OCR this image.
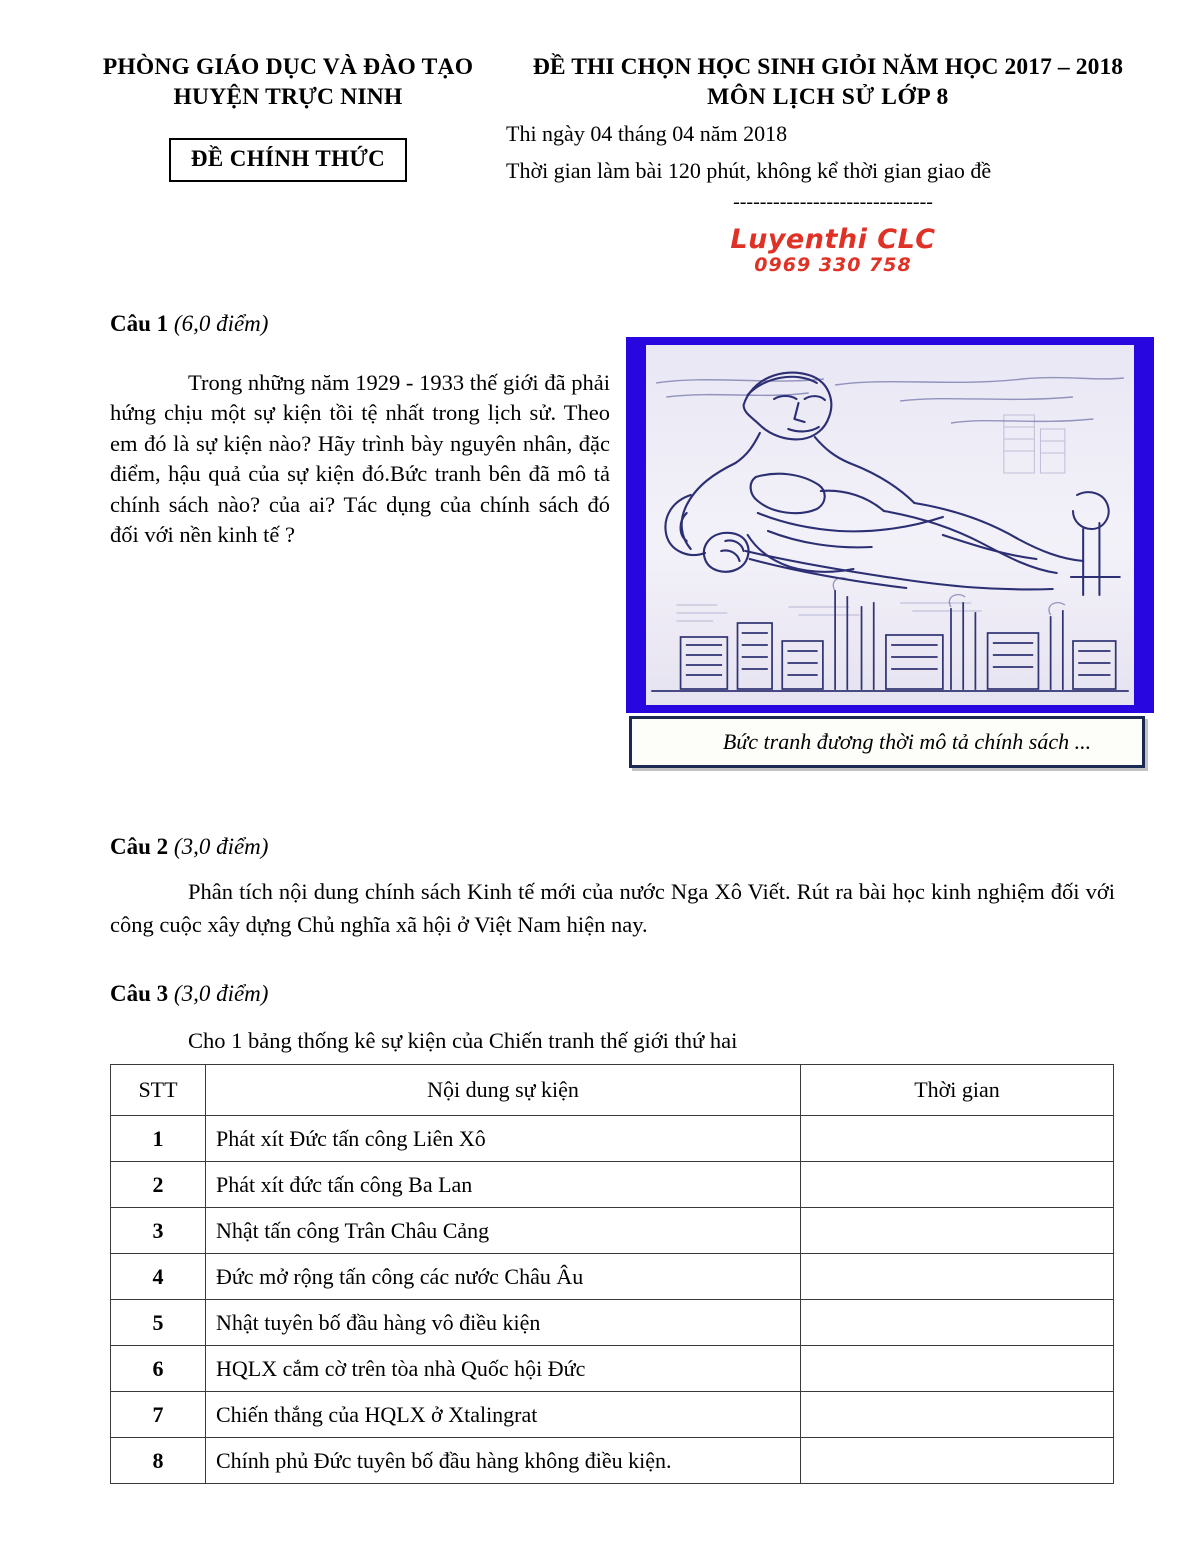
PHÒNG GIÁO DỤC VÀ ĐÀO TẠO
HUYỆN TRỰC NINH
ĐỀ CHÍNH THỨC
ĐỀ THI CHỌN HỌC SINH GIỎI NĂM HỌC 2017 – 2018
MÔN LỊCH SỬ LỚP 8
Thi ngày 04 tháng 04 năm 2018
Thời gian làm bài 120 phút, không kể thời gian giao đề
------------------------------
Luyenthi CLC
0969 330 758
Câu 1 (6,0 điểm)
Trong những năm 1929 - 1933 thế giới đã phải hứng chịu một sự kiện tồi tệ nhất trong lịch sử. Theo em đó là sự kiện nào? Hãy trình bày nguyên nhân, đặc điểm, hậu quả của sự kiện đó.Bức tranh bên đã mô tả chính sách nào? của ai? Tác dụng của chính sách đó đối với nền kinh tế ?
Bức tranh đương thời mô tả chính sách ...
Câu 2 (3,0 điểm)
Phân tích nội dung chính sách Kinh tế mới của nước Nga Xô Viết. Rút ra bài học kinh nghiệm đối với công cuộc xây dựng Chủ nghĩa xã hội ở Việt Nam hiện nay.
Câu 3 (3,0 điểm)
Cho 1 bảng thống kê sự kiện của Chiến tranh thế giới thứ hai
STT	Nội dung sự kiện	Thời gian
1	Phát xít Đức tấn công Liên Xô	
2	Phát xít đức tấn công Ba Lan	
3	Nhật tấn công Trân Châu Cảng	
4	Đức mở rộng tấn công các nước Châu Âu	
5	Nhật tuyên bố đầu hàng vô điều kiện	
6	HQLX cắm cờ trên tòa nhà Quốc hội Đức	
7	Chiến thắng của HQLX ở Xtalingrat	
8	Chính phủ Đức tuyên bố đầu hàng không điều kiện.	
